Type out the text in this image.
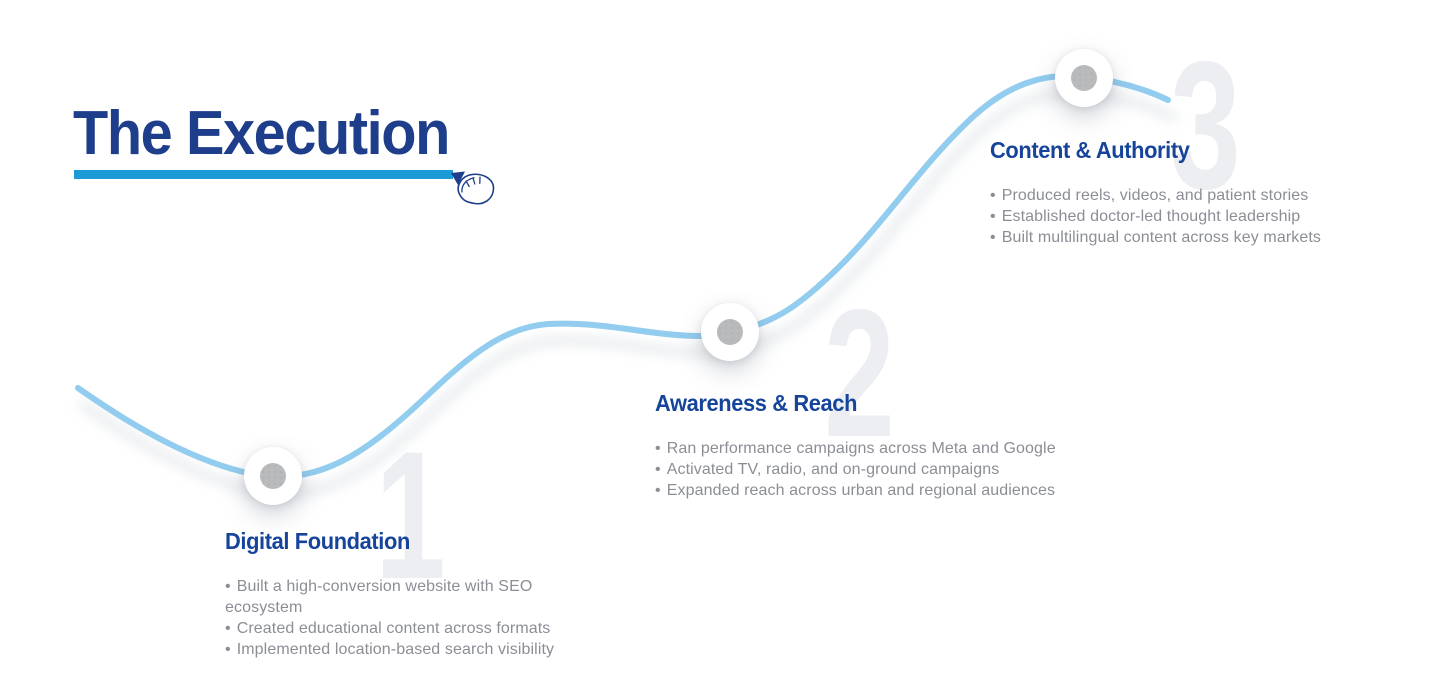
1
2
3
The Execution
Digital Foundation
• Built a high-conversion website with SEO ecosystem
• Created educational content across formats
• Implemented location-based search visibility
Awareness & Reach
• Ran performance campaigns across Meta and Google
• Activated TV, radio, and on-ground campaigns
• Expanded reach across urban and regional audiences
Content & Authority
• Produced reels, videos, and patient stories
• Established doctor-led thought leadership
• Built multilingual content across key markets
